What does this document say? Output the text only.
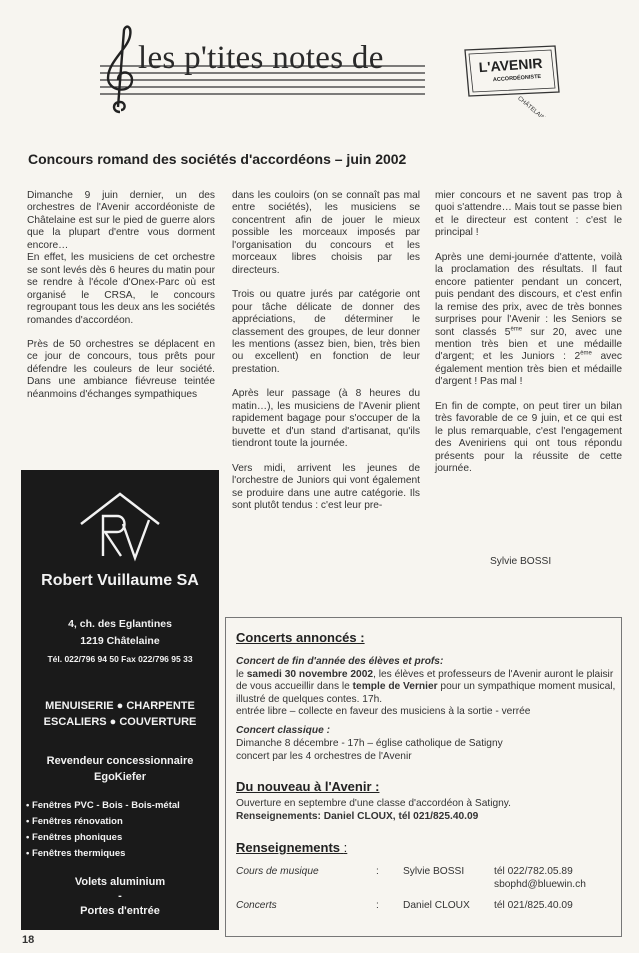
les p'tites notes de	L'AVENIR
ACCORDÉONISTE
CHÂTELAINE
Concours romand des sociétés d'accordéons – juin 2002

Dimanche 9 juin dernier, un des orchestres de l'Avenir accordéoniste de Châtelaine est sur le pied de guerre alors que la plupart d'entre vous dorment encore…

En effet, les musiciens de cet orchestre se sont levés dès 6 heures du matin pour se rendre à l'école d'Onex-Parc où est organisé le CRSA, le concours regroupant tous les deux ans les sociétés romandes d'accordéon.

Près de 50 orchestres se déplacent en ce jour de concours, tous prêts pour défendre les couleurs de leur société. Dans une ambiance fiévreuse teintée néanmoins d'échanges sympathiques

dans les couloirs (on se connaît pas mal entre sociétés), les musiciens se concentrent afin de jouer le mieux possible les morceaux imposés par l'organisation du concours et les morceaux libres choisis par les directeurs.

Trois ou quatre jurés par catégorie ont pour tâche délicate de donner des appréciations, de déterminer le classement des groupes, de leur donner les mentions (assez bien, bien, très bien ou excellent) en fonction de leur prestation.

Après leur passage (à 8 heures du matin…), les musiciens de l'Avenir plient rapidement bagage pour s'occuper de la buvette et d'un stand d'artisanat, qu'ils tiendront toute la journée.

Vers midi, arrivent les jeunes de l'orchestre de Juniors qui vont également se produire dans une autre catégorie. Ils sont plutôt tendus : c'est leur pre-

mier concours et ne savent pas trop à quoi s'attendre… Mais tout se passe bien et le directeur est content : c'est le principal !

Après une demi-journée d'attente, voilà la proclamation des résultats. Il faut encore patienter pendant un concert, puis pendant des discours, et c'est enfin la remise des prix, avec de très bonnes surprises pour l'Avenir : les Seniors se sont classés 5ème sur 20, avec une mention très bien et une médaille d'argent; et les Juniors : 2ème avec également mention très bien et médaille d'argent ! Pas mal !

En fin de compte, on peut tirer un bilan très favorable de ce 9 juin, et ce qui est le plus remarquable, c'est l'engagement des Aveniriens qui ont tous répondu présents pour la réussite de cette journée.

Sylvie BOSSI
Robert Vuillaume SA
4, ch. des Eglantines
1219 Châtelaine
Tél. 022/796 94 50 Fax 022/796 95 33
MENUISERIE ● CHARPENTE
ESCALIERS ● COUVERTURE
Revendeur concessionnaire
EgoKiefer
• Fenêtres PVC - Bois - Bois-métal
• Fenêtres rénovation
• Fenêtres phoniques
• Fenêtres thermiques
Volets aluminium
-
Portes d'entrée
Concerts annoncés :
Concert de fin d'année des élèves et profs:
le samedi 30 novembre 2002, les élèves et professeurs de l'Avenir auront le plaisir de vous accueillir dans le temple de Vernier pour un sympathique moment musical, illustré de quelques contes. 17h.
entrée libre – collecte en faveur des musiciens à la sortie - verrée
Concert classique :
Dimanche 8 décembre - 17h – église catholique de Satigny
concert par les 4 orchestres de l'Avenir
Du nouveau à l'Avenir :
Ouverture en septembre d'une classe d'accordéon à Satigny.
Renseignements: Daniel CLOUX, tél 021/825.40.09
Renseignements :
Cours de musique	: Sylvie BOSSI	tél 022/782.05.89
sbophd@bluewin.ch
Concerts	: Daniel CLOUX tél 021/825.40.09
18
